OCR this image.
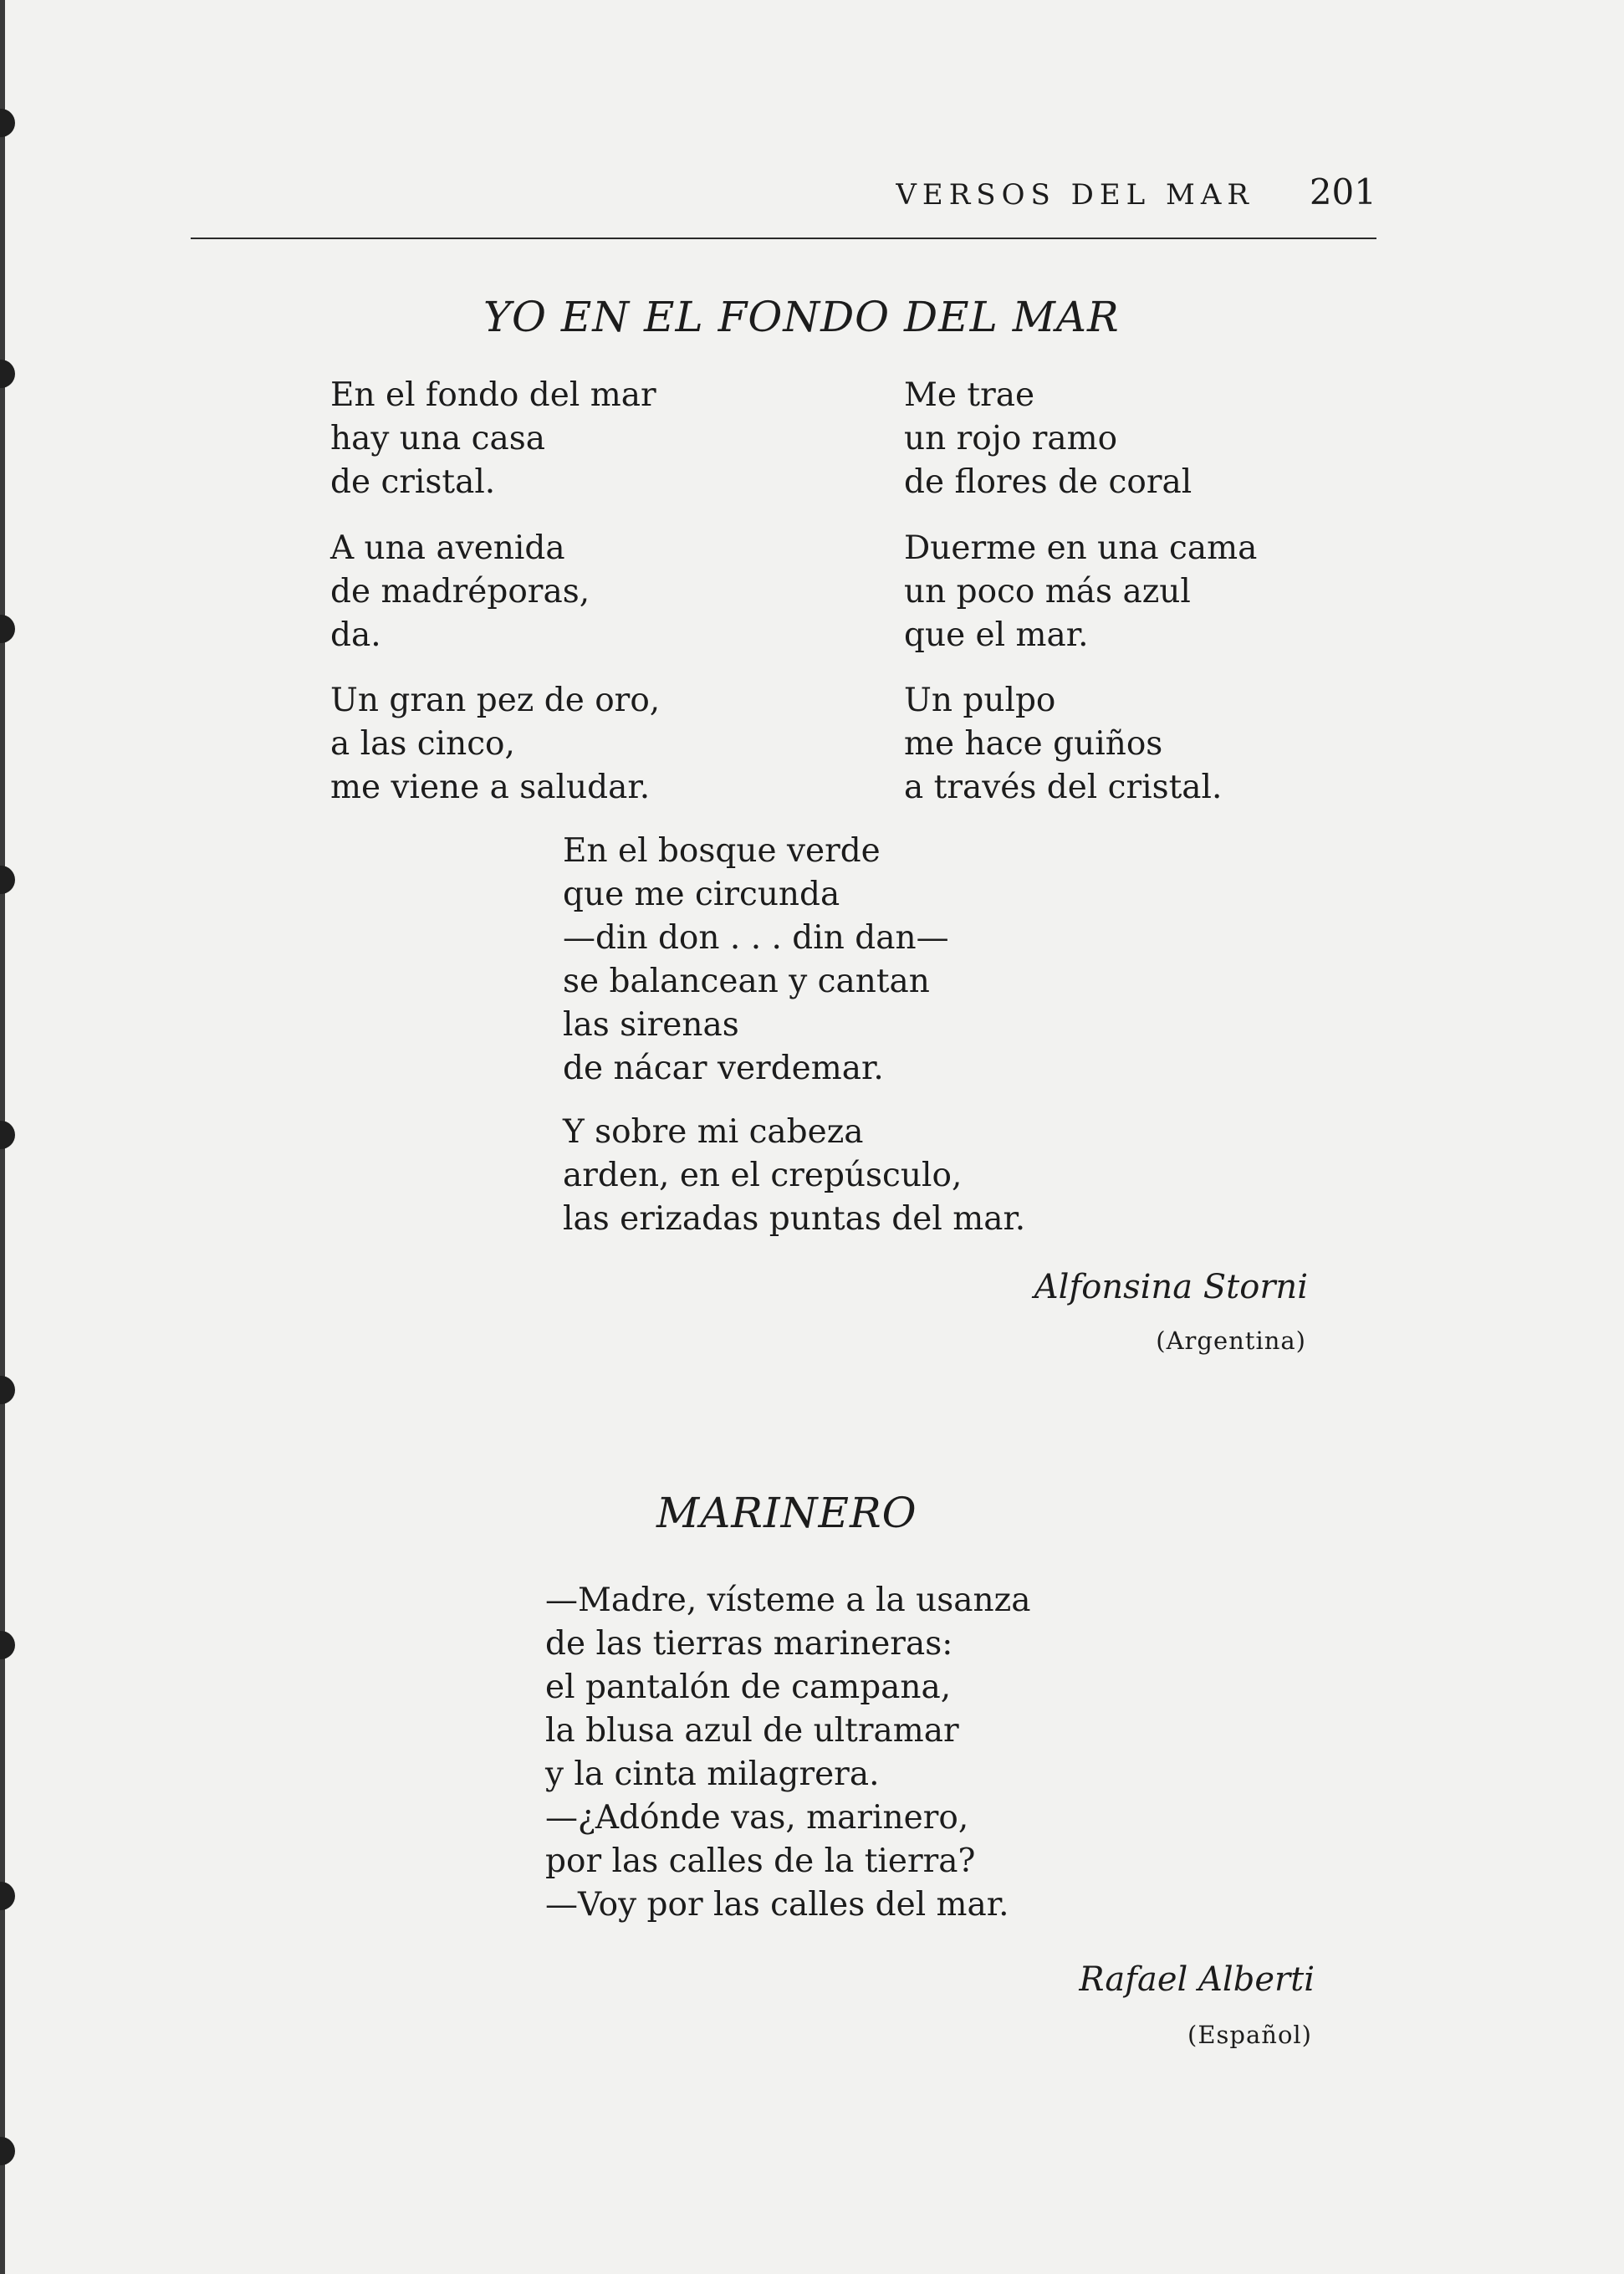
VERSOS DEL MAR 201
YO EN EL FONDO DEL MAR
En el fondo del mar
hay una casa
de cristal.
A una avenida
de madréporas,
da.
Un gran pez de oro,
a las cinco,
me viene a saludar.
Me trae
un rojo ramo
de flores de coral
Duerme en una cama
un poco más azul
que el mar.
Un pulpo
me hace guiños
a través del cristal.
En el bosque verde
que me circunda
—din don . . . din dan—
se balancean y cantan
las sirenas
de nácar verdemar.
Y sobre mi cabeza
arden, en el crepúsculo,
las erizadas puntas del mar.
Alfonsina Storni
(Argentina)
MARINERO
—Madre, vísteme a la usanza
de las tierras marineras:
el pantalón de campana,
la blusa azul de ultramar
y la cinta milagrera.
—¿Adónde vas, marinero,
por las calles de la tierra?
—Voy por las calles del mar.
Rafael Alberti
(Español)
